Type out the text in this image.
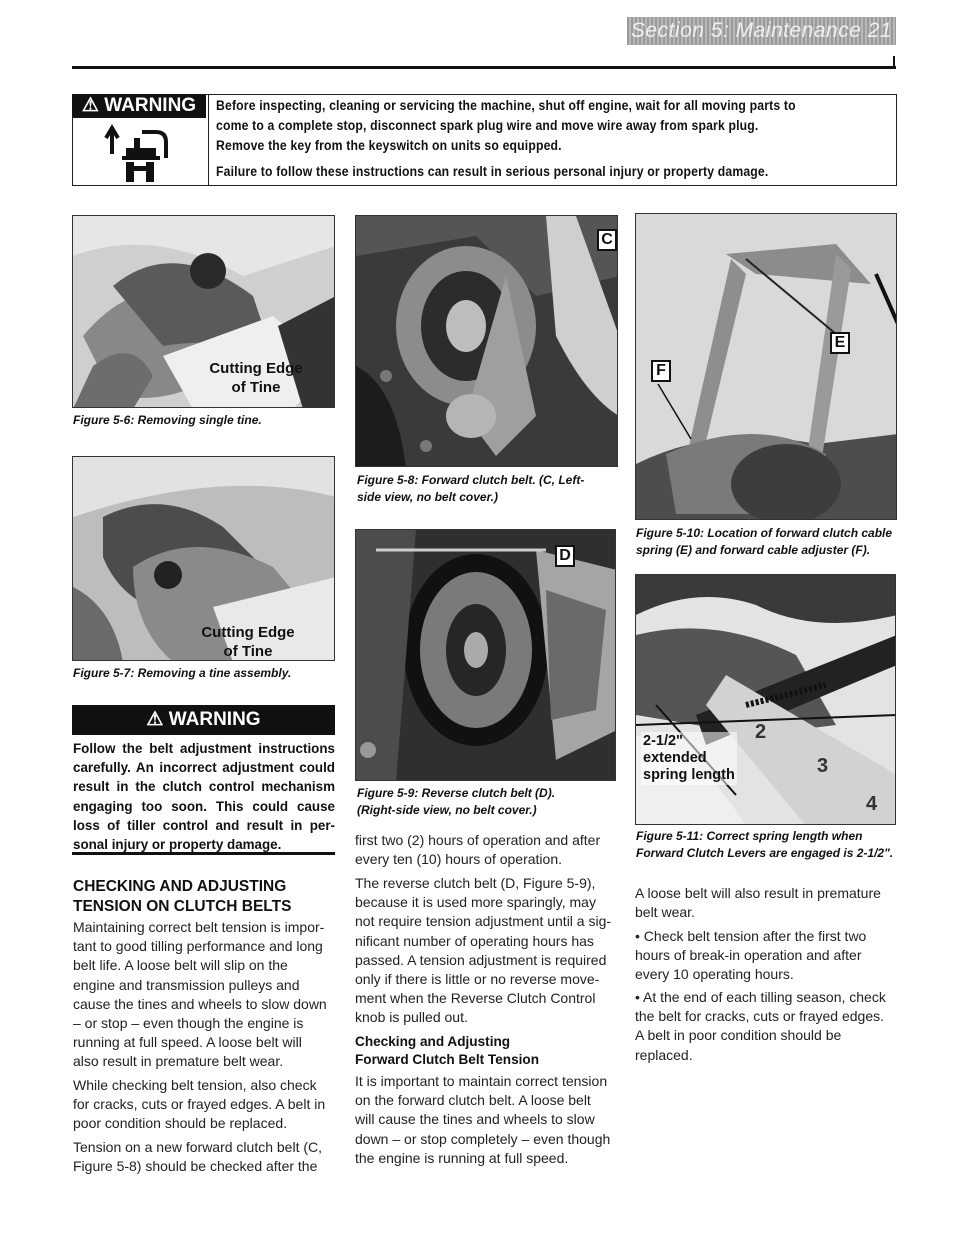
Section 5: Maintenance 21
⚠ WARNING	Before inspecting, cleaning or servicing the machine, shut off engine, wait for all moving parts to
come to a complete stop, disconnect spark plug wire and move wire away from spark plug.
Remove the key from the keyswitch on units so equipped.
Failure to follow these instructions can result in serious personal injury or property damage.
Cutting Edge
of Tine
Figure 5-6: Removing single tine.
Cutting Edge
of Tine
Figure 5-7: Removing a tine assembly.
C
Figure 5-8: Forward clutch belt. (C, Left-
side view, no belt cover.)
D
Figure 5-9: Reverse clutch belt (D).
(Right-side view, no belt cover.)
E
F
Figure 5-10: Location of forward clutch cable
spring (E) and forward cable adjuster (F).
2
3
4
2-1/2"
extended
spring length
Figure 5-11: Correct spring length when
Forward Clutch Levers are engaged is 2-1/2".
⚠ WARNING
Follow the belt adjustment instructions
carefully. An incorrect adjustment could
result in the clutch control mechanism
engaging too soon. This could cause
loss of tiller control and result in per-
sonal injury or property damage.
CHECKING AND ADJUSTING
TENSION ON CLUTCH BELTS
Maintaining correct belt tension is impor-
tant to good tilling performance and long
belt life. A loose belt will slip on the
engine and transmission pulleys and
cause the tines and wheels to slow down
– or stop – even though the engine is
running at full speed. A loose belt will
also result in premature belt wear.
While checking belt tension, also check
for cracks, cuts or frayed edges. A belt in
poor condition should be replaced.
Tension on a new forward clutch belt (C,
Figure 5-8) should be checked after the
first two (2) hours of operation and after
every ten (10) hours of operation.
The reverse clutch belt (D, Figure 5-9),
because it is used more sparingly, may
not require tension adjustment until a sig-
nificant number of operating hours has
passed. A tension adjustment is required
only if there is little or no reverse move-
ment when the Reverse Clutch Control
knob is pulled out.
Checking and Adjusting
Forward Clutch Belt Tension
It is important to maintain correct tension
on the forward clutch belt. A loose belt
will cause the tines and wheels to slow
down – or stop completely – even though
the engine is running at full speed.
A loose belt will also result in premature
belt wear.
• Check belt tension after the first two
hours of break-in operation and after
every 10 operating hours.
• At the end of each tilling season, check
the belt for cracks, cuts or frayed edges.
A belt in poor condition should be
replaced.
